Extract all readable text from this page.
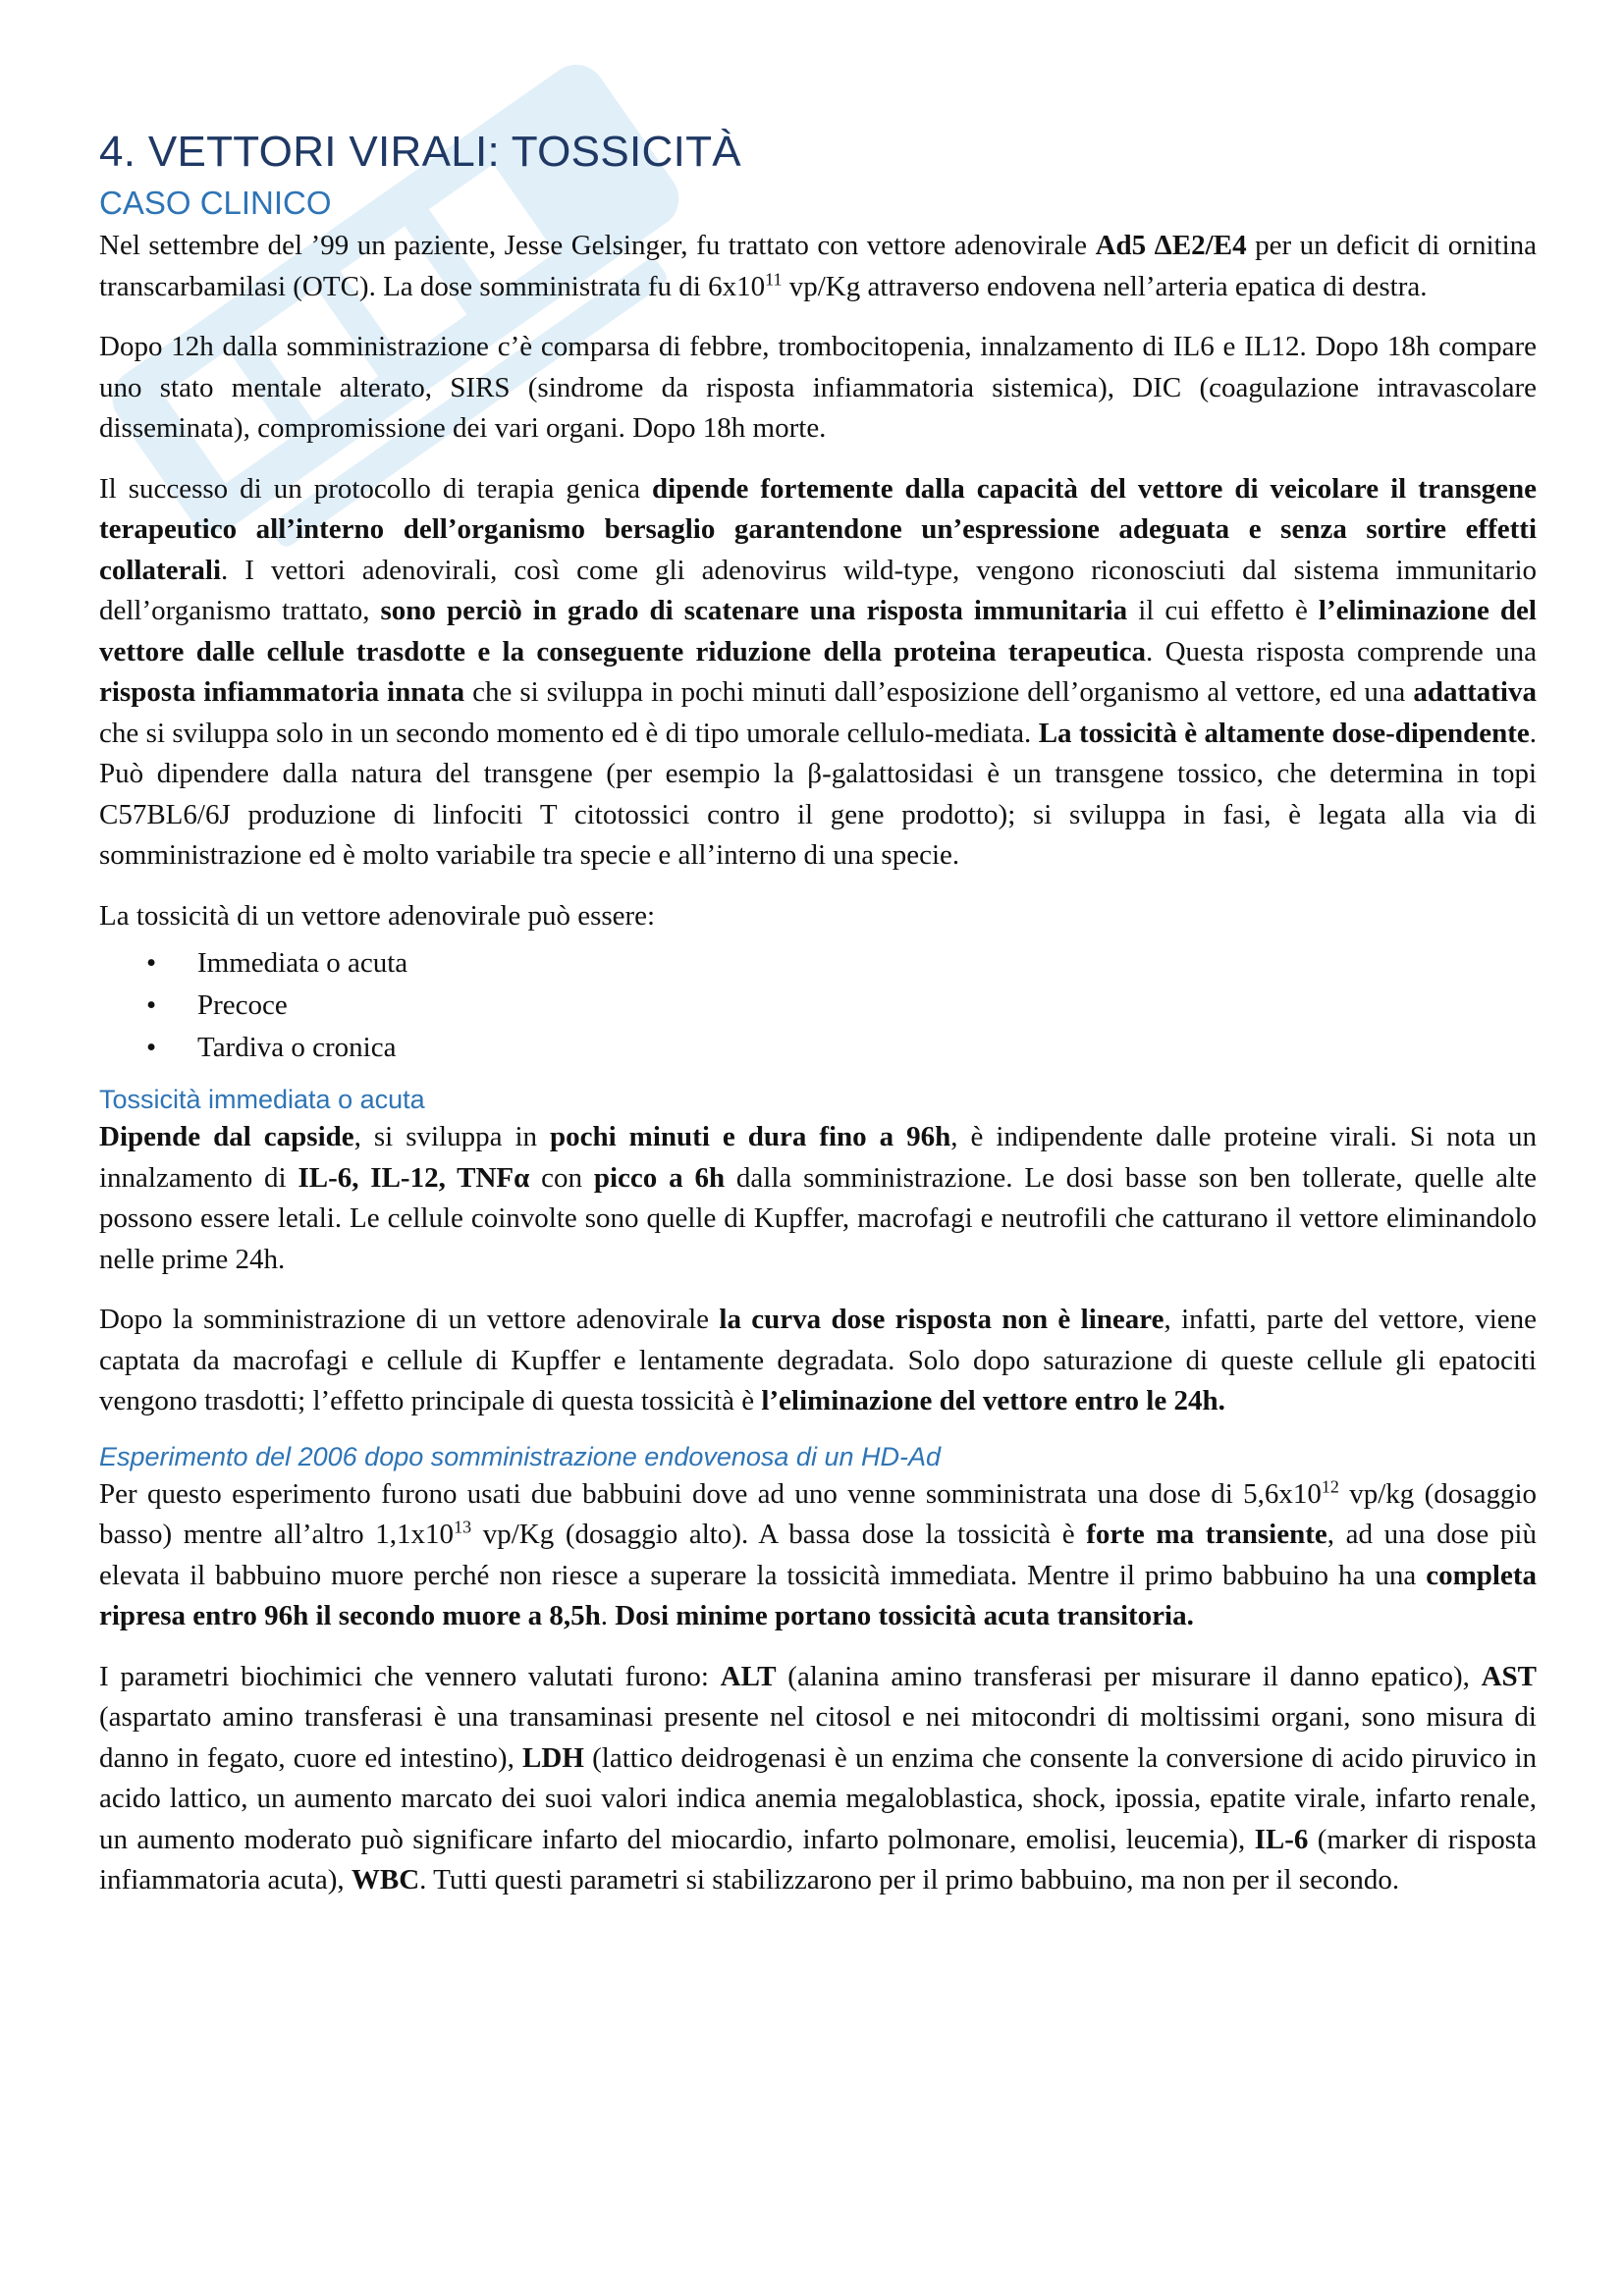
4. VETTORI VIRALI: TOSSICITÀ
CASO CLINICO

Nel settembre del ’99 un paziente, Jesse Gelsinger, fu trattato con vettore adenovirale Ad5 ΔE2/E4 per un deficit di ornitina transcarbamilasi (OTC). La dose somministrata fu di $6x10^{11}$ vp/Kg attraverso endovena nell’arteria epatica di destra.

Dopo 12h dalla somministrazione c’è comparsa di febbre, trombocitopenia, innalzamento di IL6 e IL12. Dopo 18h compare uno stato mentale alterato, SIRS (sindrome da risposta infiammatoria sistemica), DIC (coagulazione intravascolare disseminata), compromissione dei vari organi. Dopo 18h morte.

Il successo di un protocollo di terapia genica dipende fortemente dalla capacità del vettore di veicolare il transgene terapeutico all’interno dell’organismo bersaglio garantendone un’espressione adeguata e senza sortire effetti collaterali. I vettori adenovirali, così come gli adenovirus wild-type, vengono riconosciuti dal sistema immunitario dell’organismo trattato, sono perciò in grado di scatenare una risposta immunitaria il cui effetto è l’eliminazione del vettore dalle cellule trasdotte e la conseguente riduzione della proteina terapeutica. Questa risposta comprende una risposta infiammatoria innata che si sviluppa in pochi minuti dall’esposizione dell’organismo al vettore, ed una adattativa che si sviluppa solo in un secondo momento ed è di tipo umorale cellulo-mediata. La tossicità è altamente dose-dipendente. Può dipendere dalla natura del transgene (per esempio la β-galattosidasi è un transgene tossico, che determina in topi C57BL6/6J produzione di linfociti T citotossici contro il gene prodotto); si sviluppa in fasi, è legata alla via di somministrazione ed è molto variabile tra specie e all’interno di una specie.

La tossicità di un vettore adenovirale può essere:

• Immediata o acuta
• Precoce
• Tardiva o cronica
Tossicità immediata o acuta

Dipende dal capside, si sviluppa in pochi minuti e dura fino a 96h, è indipendente dalle proteine virali. Si nota un innalzamento di IL-6, IL-12, TNFα con picco a 6h dalla somministrazione. Le dosi basse son ben tollerate, quelle alte possono essere letali. Le cellule coinvolte sono quelle di Kupffer, macrofagi e neutrofili che catturano il vettore eliminandolo nelle prime 24h.

Dopo la somministrazione di un vettore adenovirale la curva dose risposta non è lineare, infatti, parte del vettore, viene captata da macrofagi e cellule di Kupffer e lentamente degradata. Solo dopo saturazione di queste cellule gli epatociti vengono trasdotti; l’effetto principale di questa tossicità è l’eliminazione del vettore entro le 24h.

Esperimento del 2006 dopo somministrazione endovenosa di un HD-Ad

Per questo esperimento furono usati due babbuini dove ad uno venne somministrata una dose di $5,6x10^{12}$ vp/kg (dosaggio basso) mentre all’altro $1,1x10^{13}$ vp/Kg (dosaggio alto). A bassa dose la tossicità è forte ma transiente, ad una dose più elevata il babbuino muore perché non riesce a superare la tossicità immediata. Mentre il primo babbuino ha una completa ripresa entro 96h il secondo muore a 8,5h. Dosi minime portano tossicità acuta transitoria.

I parametri biochimici che vennero valutati furono: ALT (alanina amino transferasi per misurare il danno epatico), AST (aspartato amino transferasi è una transaminasi presente nel citosol e nei mitocondri di moltissimi organi, sono misura di danno in fegato, cuore ed intestino), LDH (lattico deidrogenasi è un enzima che consente la conversione di acido piruvico in acido lattico, un aumento marcato dei suoi valori indica anemia megaloblastica, shock, ipossia, epatite virale, infarto renale, un aumento moderato può significare infarto del miocardio, infarto polmonare, emolisi, leucemia), IL-6 (marker di risposta infiammatoria acuta), WBC. Tutti questi parametri si stabilizzarono per il primo babbuino, ma non per il secondo.
